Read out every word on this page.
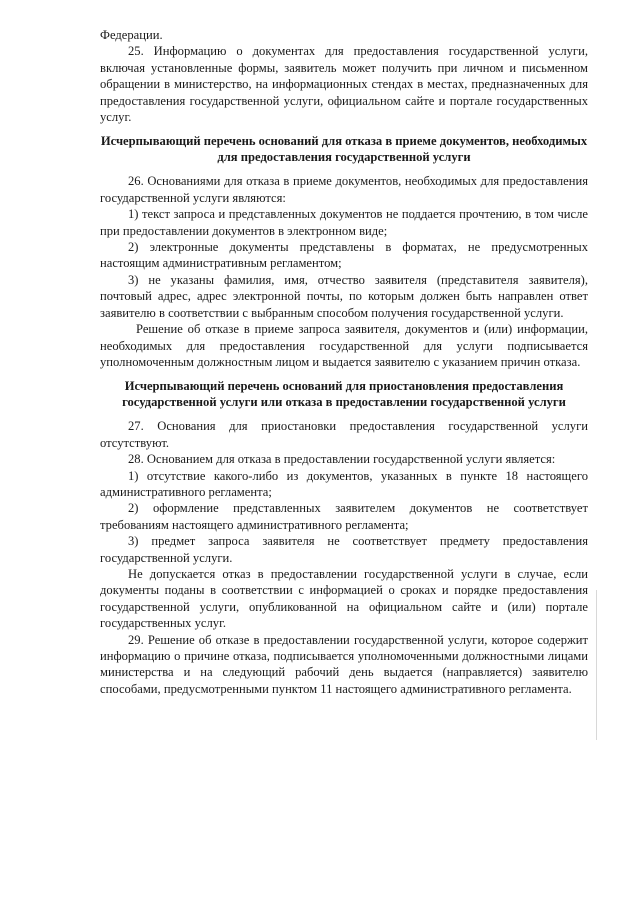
Федерации.

25. Информацию о документах для предоставления государственной услуги, включая установленные формы, заявитель может получить при личном и письменном обращении в министерство, на информационных стендах в местах, предназначенных для предоставления государственной услуги, официальном сайте и портале государственных услуг.

Исчерпывающий перечень оснований для отказа в приеме документов, необходимых для предоставления государственной услуги

26. Основаниями для отказа в приеме документов, необходимых для предоставления государственной услуги являются:

1) текст запроса и представленных документов не поддается прочтению, в том числе при предоставлении документов в электронном виде;

2) электронные документы представлены в форматах, не предусмотренных настоящим административным регламентом;

3) не указаны фамилия, имя, отчество заявителя (представителя заявителя), почтовый адрес, адрес электронной почты, по которым должен быть направлен ответ заявителю в соответствии с выбранным способом получения государственной услуги.

Решение об отказе в приеме запроса заявителя, документов и (или) информации, необходимых для предоставления государственной для услуги подписывается уполномоченным должностным лицом и выдается заявителю с указанием причин отказа.

Исчерпывающий перечень оснований для приостановления предоставления государственной услуги или отказа в предоставлении государственной услуги

27. Основания для приостановки предоставления государственной услуги отсутствуют.

28. Основанием для отказа в предоставлении государственной услуги является:

1) отсутствие какого-либо из документов, указанных в пункте 18 настоящего административного регламента;

2) оформление представленных заявителем документов не соответствует требованиям настоящего административного регламента;

3) предмет запроса заявителя не соответствует предмету предоставления государственной услуги.

Не допускается отказ в предоставлении государственной услуги в случае, если документы поданы в соответствии с информацией о сроках и порядке предоставления государственной услуги, опубликованной на официальном сайте и (или) портале государственных услуг.

29. Решение об отказе в предоставлении государственной услуги, которое содержит информацию о причине отказа, подписывается уполномоченными должностными лицами министерства и на следующий рабочий день выдается (направляется) заявителю способами, предусмотренными пунктом 11 настоящего административного регламента.
